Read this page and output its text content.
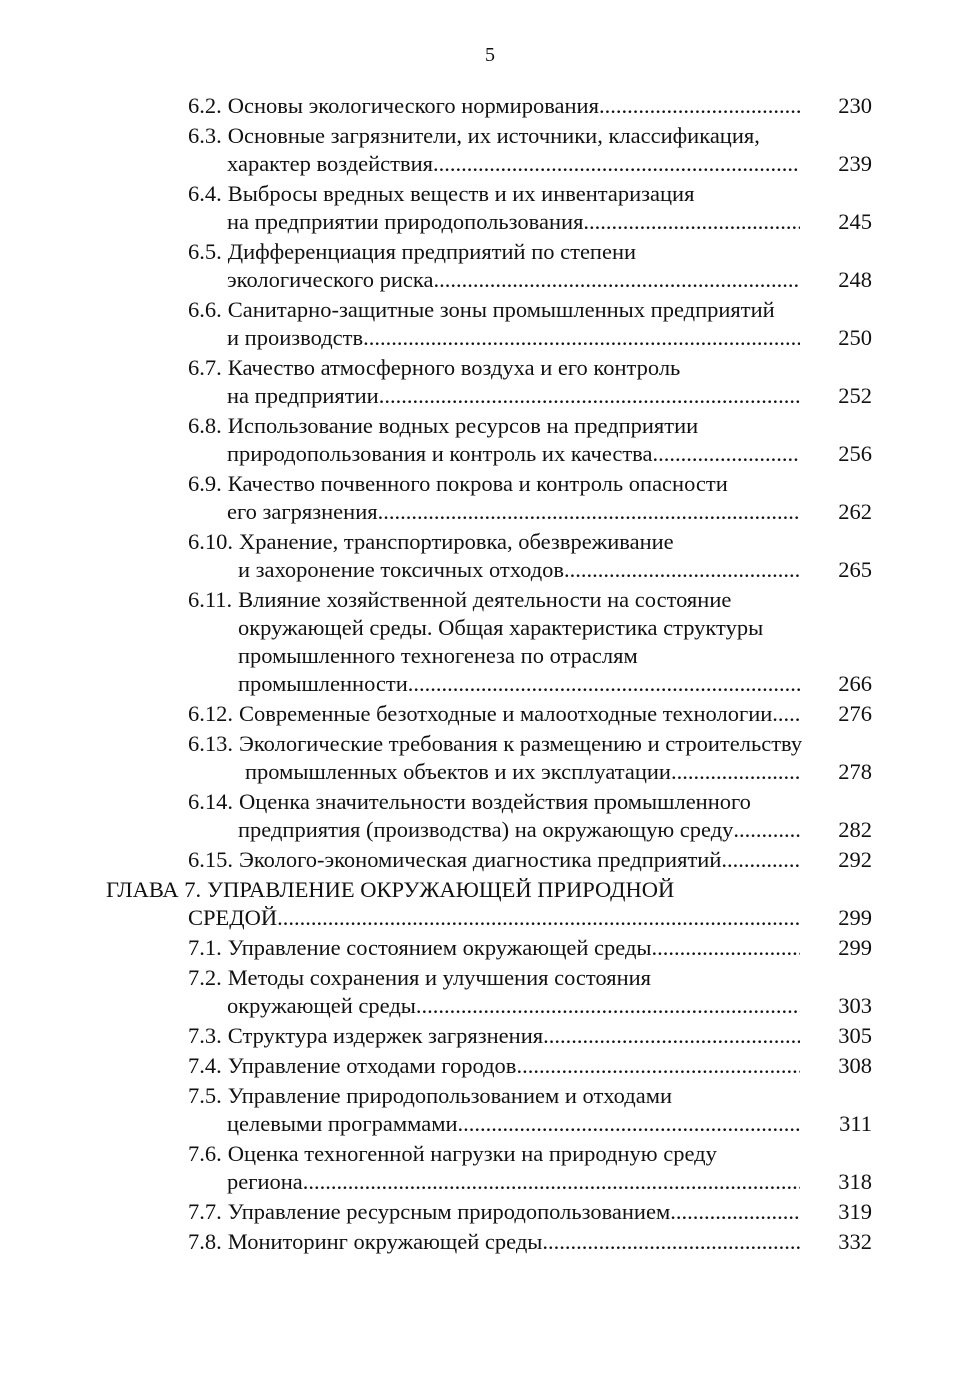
5
6.2. Основы экологического нормирования .....	230
6.3. Основные загрязнители, их источники, классификация,
характер воздействия .....	239
6.4. Выбросы вредных веществ и их инвентаризация
на предприятии природопользования .....	245
6.5. Дифференциация предприятий по степени
экологического риска .....	248
6.6. Санитарно-защитные зоны промышленных предприятий
и производств .....	250
6.7. Качество атмосферного воздуха и его контроль
на предприятии .....	252
6.8. Использование водных ресурсов на предприятии
природопользования и контроль их качества .....	256
6.9. Качество почвенного покрова и контроль опасности
его загрязнения .....	262
6.10. Хранение, транспортировка, обезвреживание
и захоронение токсичных отходов .....	265
6.11. Влияние хозяйственной деятельности на состояние
окружающей среды. Общая характеристика структуры
промышленного техногенеза по отраслям
промышленности .....	266
6.12. Современные безотходные и малоотходные технологии .....	276
6.13. Экологические требования к размещению и строительству
промышленных объектов и их эксплуатации .....	278
6.14. Оценка значительности воздействия промышленного
предприятия (производства) на окружающую среду .....	282
6.15. Эколого-экономическая диагностика предприятий .....	292
ГЛАВА 7. УПРАВЛЕНИЕ ОКРУЖАЮЩЕЙ ПРИРОДНОЙ
СРЕДОЙ .....	299
7.1. Управление состоянием окружающей среды .....	299
7.2. Методы сохранения и улучшения состояния
окружающей среды .....	303
7.3. Структура издержек загрязнения .....	305
7.4. Управление отходами городов .....	308
7.5. Управление природопользованием и отходами
целевыми программами .....	311
7.6. Оценка техногенной нагрузки на природную среду
региона .....	318
7.7. Управление ресурсным природопользованием .....	319
7.8. Мониторинг окружающей среды .....	332
